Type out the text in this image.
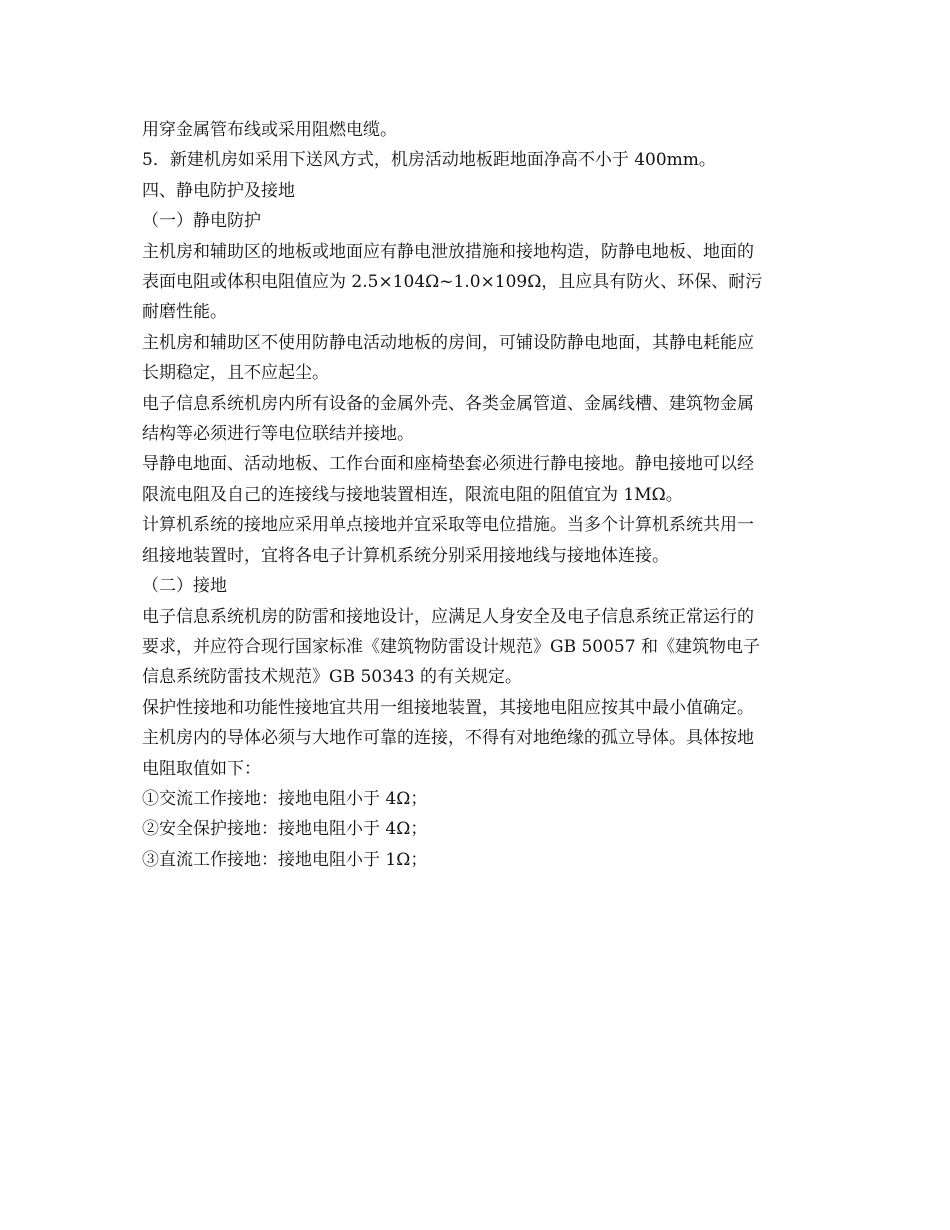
用穿金属管布线或采用阻燃电缆。

5．新建机房如采用下送风方式，机房活动地板距地面净高不小于 400mm。

四、静电防护及接地

（一）静电防护

主机房和辅助区的地板或地面应有静电泄放措施和接地构造，防静电地板、地面的

表面电阻或体积电阻值应为 2.5×104Ω~1.0×109Ω，且应具有防火、环保、耐污

耐磨性能。

主机房和辅助区不使用防静电活动地板的房间，可铺设防静电地面，其静电耗能应

长期稳定，且不应起尘。

电子信息系统机房内所有设备的金属外壳、各类金属管道、金属线槽、建筑物金属

结构等必须进行等电位联结并接地。

导静电地面、活动地板、工作台面和座椅垫套必须进行静电接地。静电接地可以经

限流电阻及自己的连接线与接地装置相连，限流电阻的阻值宜为 1MΩ。

计算机系统的接地应采用单点接地并宜采取等电位措施。当多个计算机系统共用一

组接地装置时，宜将各电子计算机系统分别采用接地线与接地体连接。

（二）接地

电子信息系统机房的防雷和接地设计，应满足人身安全及电子信息系统正常运行的

要求，并应符合现行国家标准《建筑物防雷设计规范》GB 50057 和《建筑物电子

信息系统防雷技术规范》GB 50343 的有关规定。

保护性接地和功能性接地宜共用一组接地装置，其接地电阻应按其中最小值确定。

主机房内的导体必须与大地作可靠的连接，不得有对地绝缘的孤立导体。具体按地

电阻取值如下：

①交流工作接地：接地电阻小于 4Ω；

②安全保护接地：接地电阻小于 4Ω；

③直流工作接地：接地电阻小于 1Ω；
